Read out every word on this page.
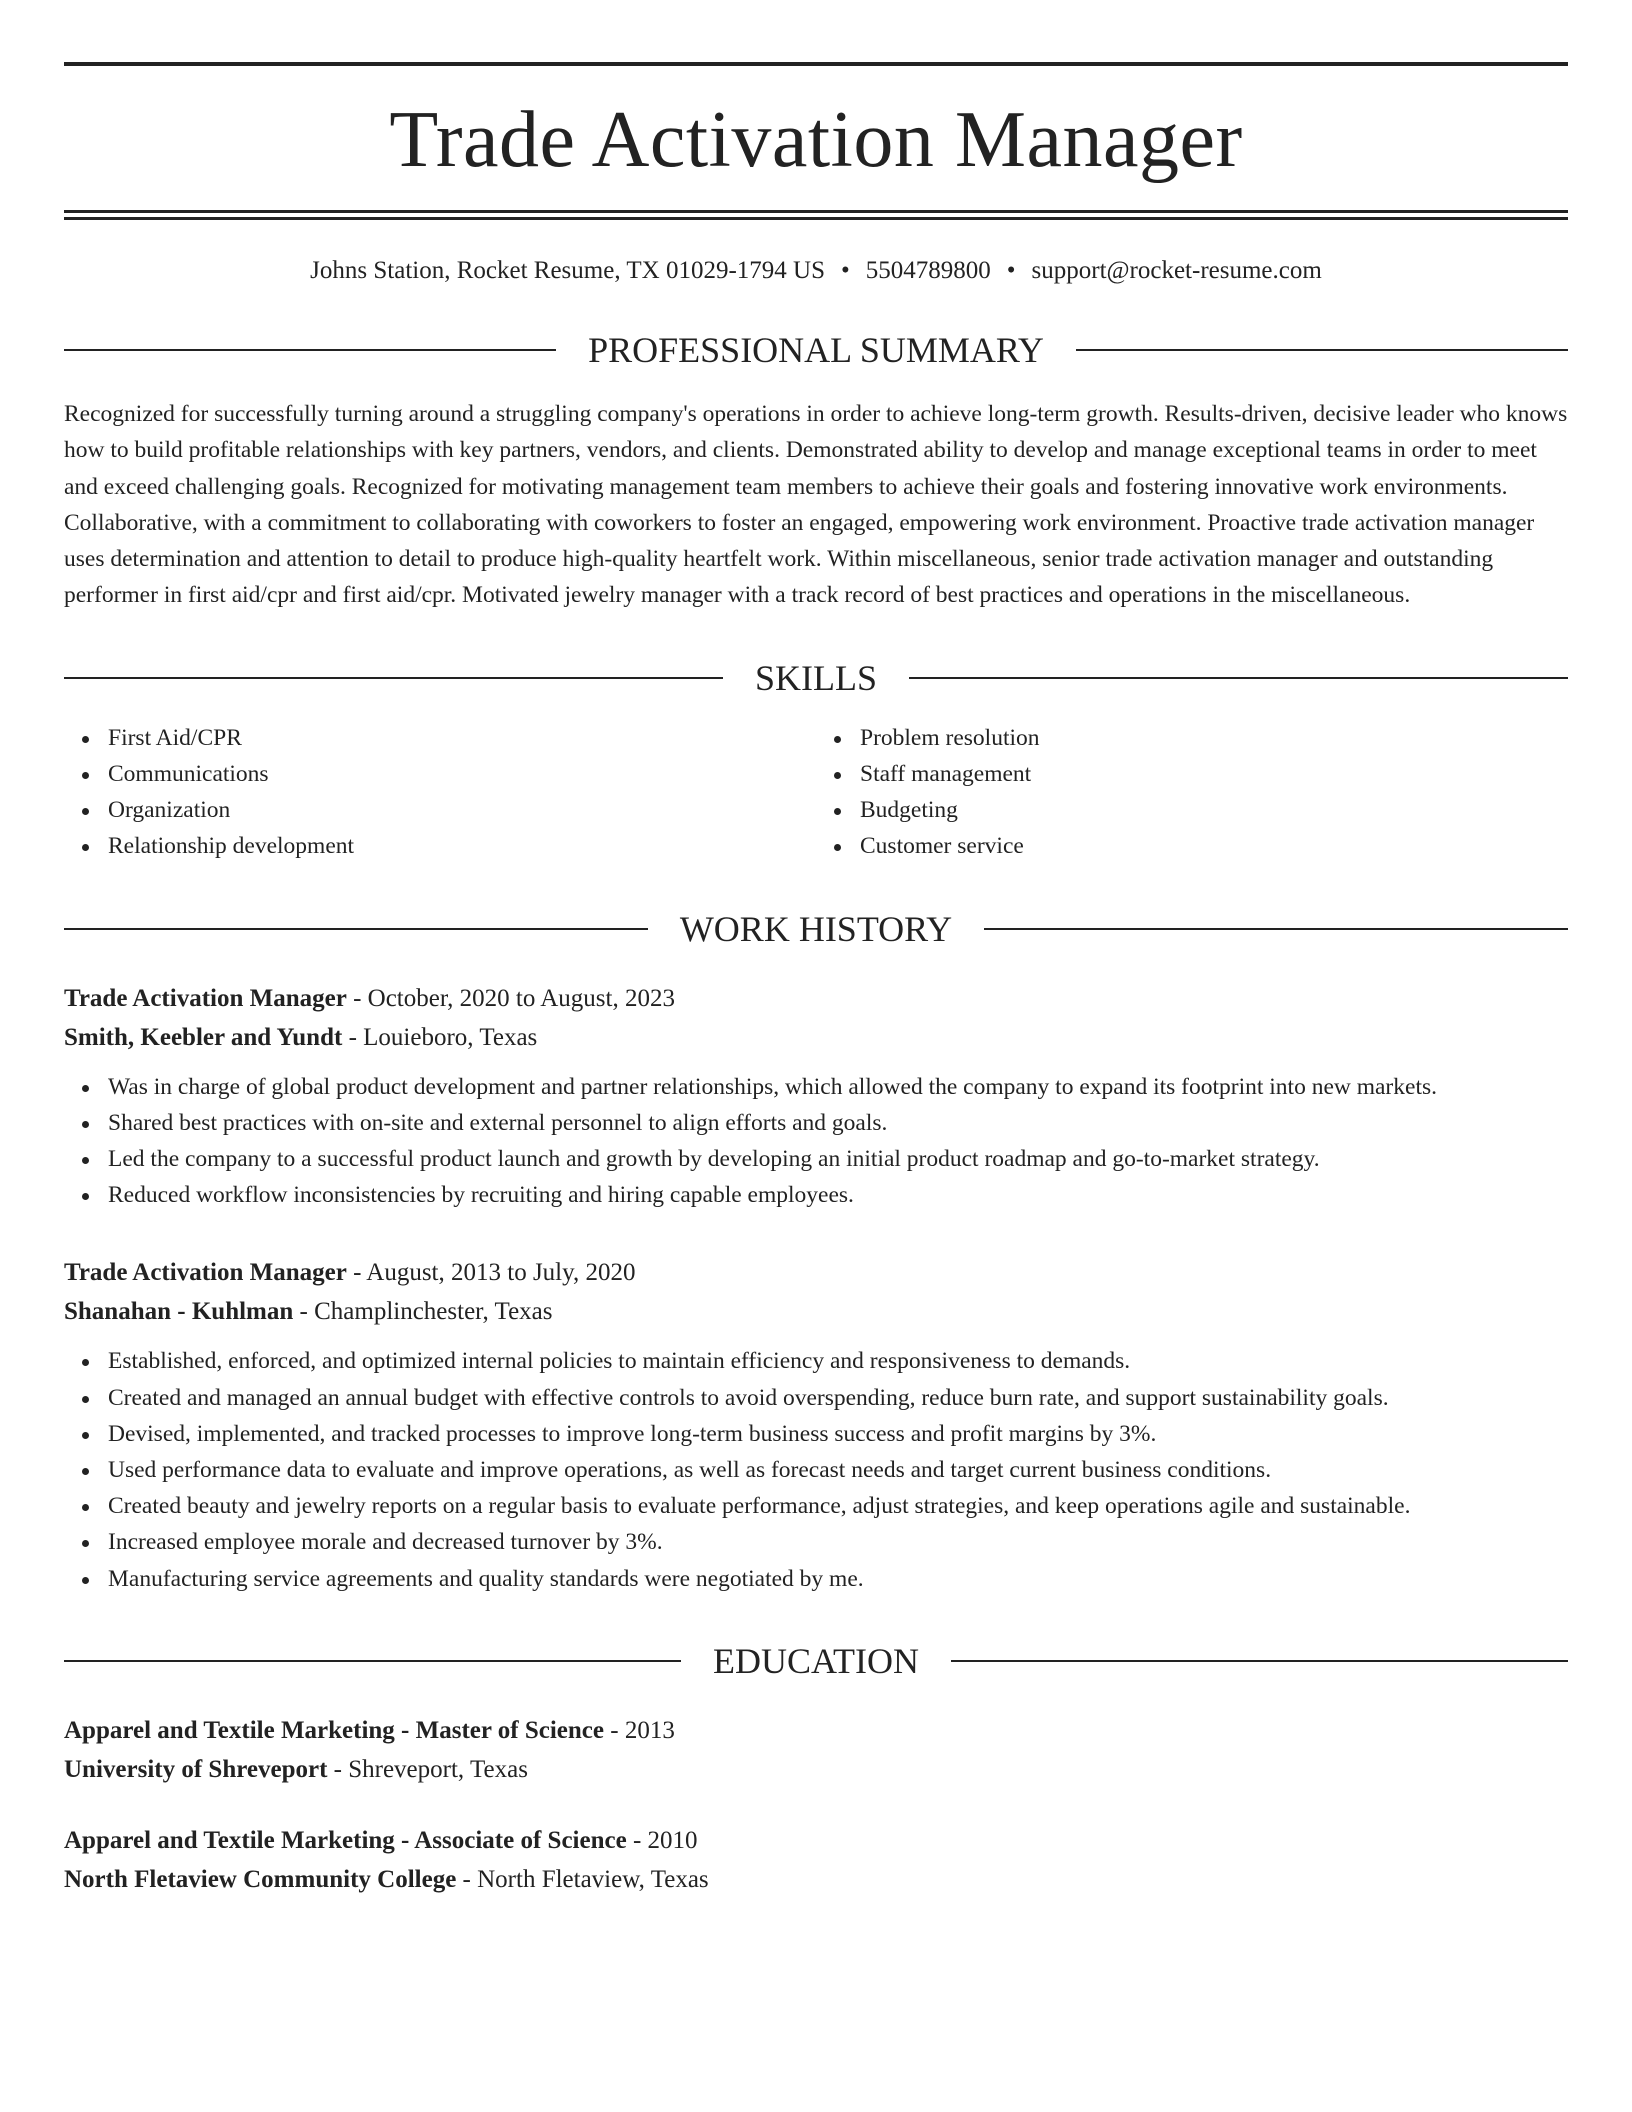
Trade Activation Manager
Johns Station, Rocket Resume, TX 01029-1794 US • 5504789800 • support@rocket-resume.com
PROFESSIONAL SUMMARY
Recognized for successfully turning around a struggling company's operations in order to achieve long-term growth. Results-driven, decisive leader who knows how to build profitable relationships with key partners, vendors, and clients. Demonstrated ability to develop and manage exceptional teams in order to meet and exceed challenging goals. Recognized for motivating management team members to achieve their goals and fostering innovative work environments. Collaborative, with a commitment to collaborating with coworkers to foster an engaged, empowering work environment. Proactive trade activation manager uses determination and attention to detail to produce high-quality heartfelt work. Within miscellaneous, senior trade activation manager and outstanding performer in first aid/cpr and first aid/cpr. Motivated jewelry manager with a track record of best practices and operations in the miscellaneous.
SKILLS
First Aid/CPR
Communications
Organization
Relationship development
Problem resolution
Staff management
Budgeting
Customer service
WORK HISTORY
Trade Activation Manager - October, 2020 to August, 2023
Smith, Keebler and Yundt - Louieboro, Texas
Was in charge of global product development and partner relationships, which allowed the company to expand its footprint into new markets.
Shared best practices with on-site and external personnel to align efforts and goals.
Led the company to a successful product launch and growth by developing an initial product roadmap and go-to-market strategy.
Reduced workflow inconsistencies by recruiting and hiring capable employees.
Trade Activation Manager - August, 2013 to July, 2020
Shanahan - Kuhlman - Champlinchester, Texas
Established, enforced, and optimized internal policies to maintain efficiency and responsiveness to demands.
Created and managed an annual budget with effective controls to avoid overspending, reduce burn rate, and support sustainability goals.
Devised, implemented, and tracked processes to improve long-term business success and profit margins by 3%.
Used performance data to evaluate and improve operations, as well as forecast needs and target current business conditions.
Created beauty and jewelry reports on a regular basis to evaluate performance, adjust strategies, and keep operations agile and sustainable.
Increased employee morale and decreased turnover by 3%.
Manufacturing service agreements and quality standards were negotiated by me.
EDUCATION
Apparel and Textile Marketing - Master of Science - 2013
University of Shreveport - Shreveport, Texas
Apparel and Textile Marketing - Associate of Science - 2010
North Fletaview Community College - North Fletaview, Texas
